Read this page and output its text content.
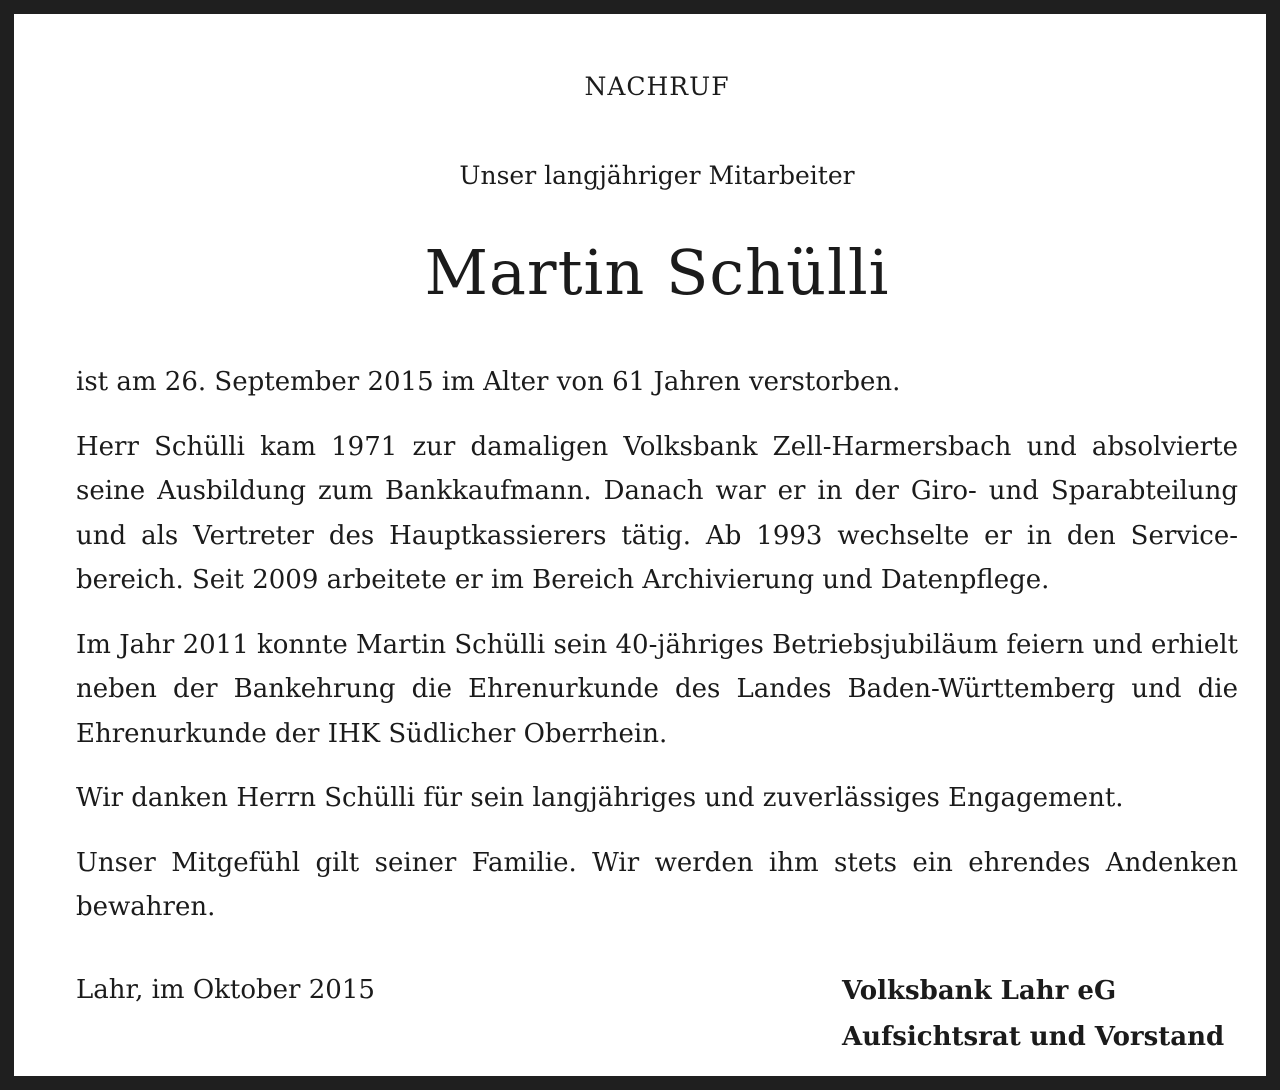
NACHRUF
Unser langjähriger Mitarbeiter
Martin Schülli

ist am 26. September 2015 im Alter von 61 Jahren verstorben.

Herr Schülli kam 1971 zur damaligen Volksbank Zell-Harmersbach und absolvierte seine Ausbildung zum Bankkaufmann. Danach war er in der Giro- und Sparabteilung und als Vertreter des Hauptkassierers tätig. Ab 1993 wechselte er in den Service-bereich. Seit 2009 arbeitete er im Bereich Archivierung und Datenpflege.

Im Jahr 2011 konnte Martin Schülli sein 40-jähriges Betriebsjubiläum feiern und erhielt neben der Bankehrung die Ehrenurkunde des Landes Baden-Württemberg und die Ehrenurkunde der IHK Südlicher Oberrhein.

Wir danken Herrn Schülli für sein langjähriges und zuverlässiges Engagement.

Unser Mitgefühl gilt seiner Familie. Wir werden ihm stets ein ehrendes Andenken bewahren.

Lahr, im Oktober 2015	Volksbank Lahr eG
Aufsichtsrat und Vorstand
